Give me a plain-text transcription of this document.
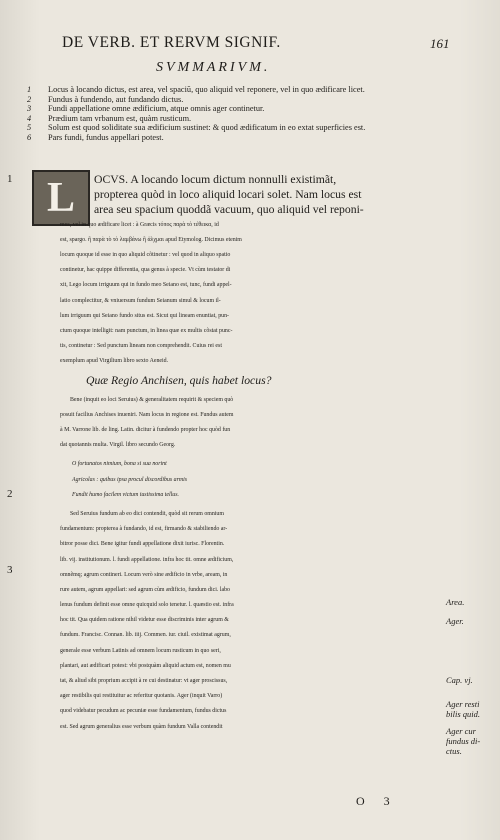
DE VERB. ET RERVM SIGNIF.	161
SVMMARIVM.
1	Locus à locando dictus, est area, vel spaciũ, quo aliquid vel reponere, vel in quo ædificare licet.
2	Fundus à fundendo, aut fundando dictus.
3	Fundi appellatione omne ædificium, atque omnis ager continetur.
4	Prædium tam vrbanum est, quàm rusticum.
5	Solum est quod soliditate sua ædificium sustinet: & quod ædificatum in eo extat superficies est.
6	Pars fundi, fundus appellari potest.
L
1
2
3
Area.
Ager.
Cap. vj.
Ager resti
bilis quid.
Ager cur
fundus di-
ctus.
OCVS. A locando locum dictum nonnulli existimãt,
propterea quòd in loco aliquid locari solet. Nam locus est
area seu spacium quoddã vacuum, quo aliquid vel reponi-
mus, vel in quo ædificare licet : à Græcis τόπος παρὰ τὸ τέθεικα, id
est, spargo. ἢ παρὰ τὸ τὸ λαμβάνω ἢ ἀλχμαι apud Etymolog. Dicimus etenim
locum quoque id esse in quo aliquid cõtinetur : vel quod in aliquo spatio
continetur, hac quippe differentia, qua genus à specie. Vt cùm testator di
xit, Lego locum irriguum qui in fundo meo Seiano est, tunc, fundi appel-
latio complectitur, & vniuersum fundum Seianum simul & locum il-
lum irriguum qui Seiano fundo situs est. Sicut qui lineam enuntiat, pun-
ctum quoque intelligit: nam punctum, in linea quæ ex multis cõstat punc-
tis, continetur : Sed punctum lineam non comprehendit. Cuius rei est
exemplum apud Virgilium libro sexto Aeneid.
Quæ Regio Anchisen, quis habet locus?
Bene (inquit eo loci Seruius) & generalitatem requirit & speciem quò
posuit facilius Anchises inueniri. Nam locus in regione est. Fundus autem
à M. Varrone lib. de ling. Latin. dicitur à fundendo propter hoc quòd fun
dat quotannis multa. Virgil. libro secundo Georg.
O fortunatos nimium, bona si sua norint
Agricolas : quibus ipsa procul discordibus armis
Fundit humo facilem victum iustissima tellus.
Sed Seruius fundum ab eo dici contendit, quòd sit rerum omnium
fundamentum: propterea à fundando, id est, firmando & stabiliendo ar-
bitror posse dici. Bene igitur fundi appellatione dixit iurisc. Florentin.
lib. vij. institutionum. l. fundi appellatione. infra hoc tit. omne ædificium,
omnẽmq; agrum contineri. Locum verò sine ædificio in vrbe, aream, in
rure autem, agrum appellari: sed agrum cùm ædificio, fundum dici. labo
lenus fundum definit esse omne quicquid solo tenetur. l. quæstio est. infra
hoc tit. Qua quidem ratione nihil videtur esse discriminis inter agrum &
fundum. Francisc. Connan. lib. iiij. Commen. iur. ciuil. existimat agrum,
generale esse verbum Latinis ad omnem locum rusticum in quo seri,
plantari, aut ædificari potest: vbi postquàm aliquid actum est, nomen mu
tat, & aliud sibi proprium accipit à re cui destinatur: vt ager proscissus,
ager restibilis qui restituitur ac referitur quotanis. Ager (inquit Varro)
quod videbatur pecudum ac pecuniæ esse fundamentum, fundus dictus
est. Sed agrum generalius esse verbum quàm fundum Valla contendit
O 3
